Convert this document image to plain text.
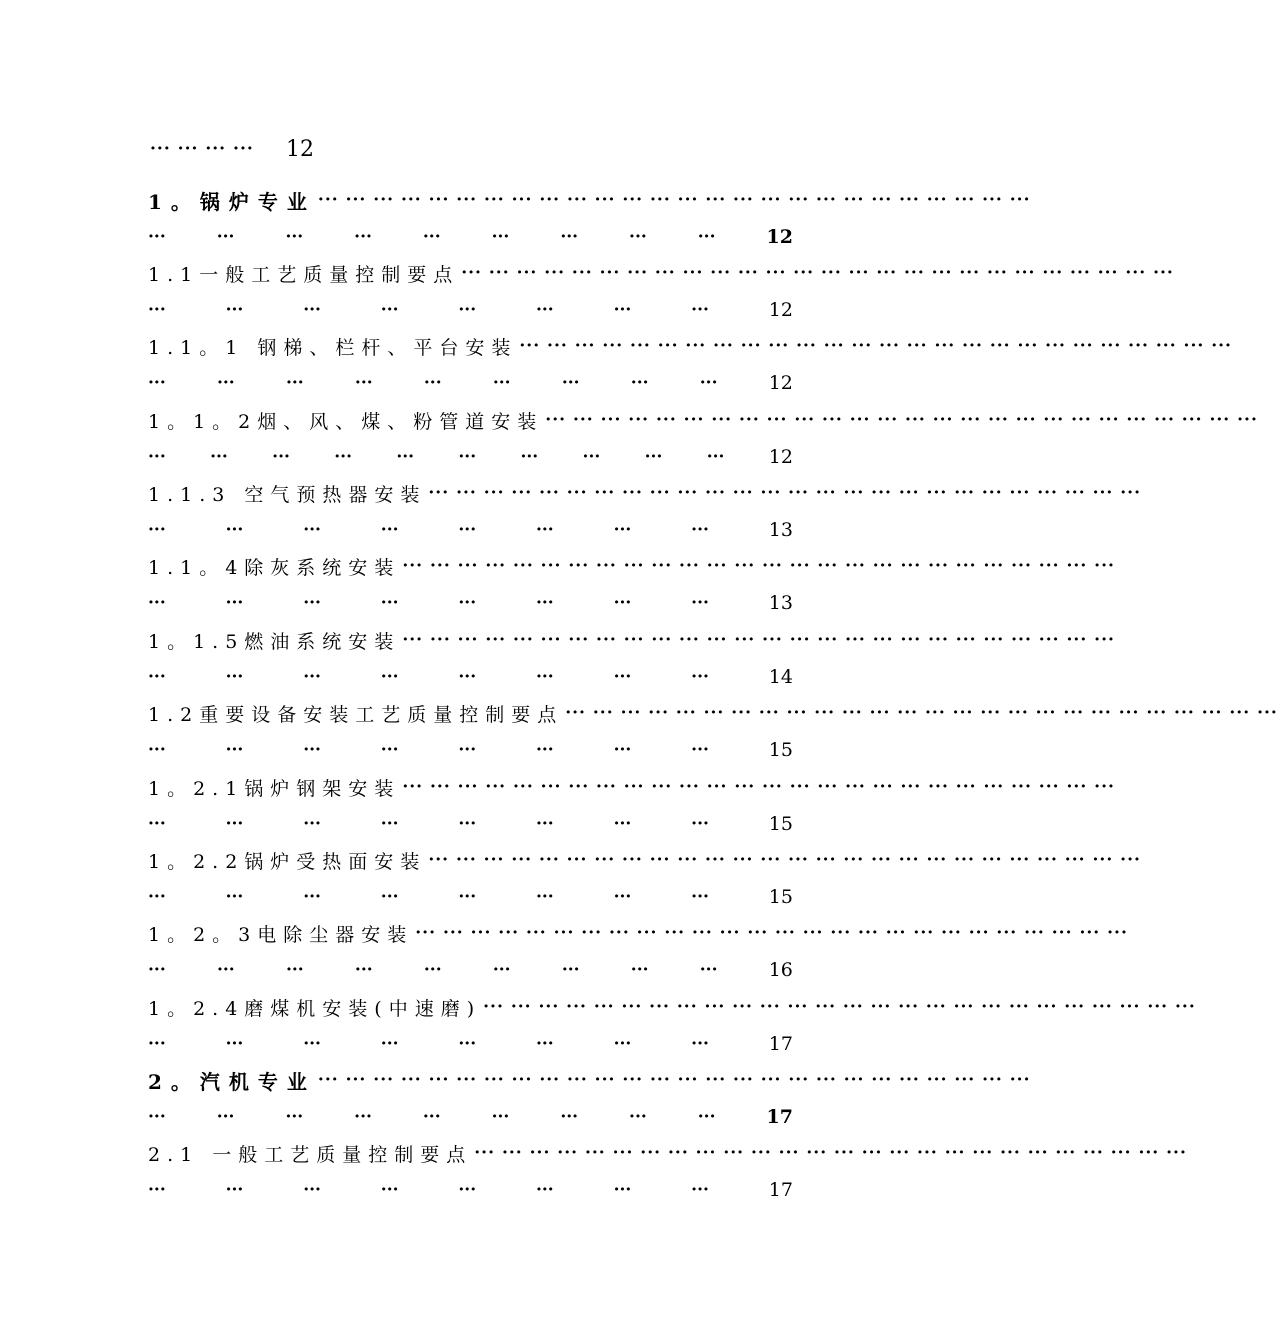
··· ··· ··· ···	12
1。锅炉专业 ··· ··· ··· ··· ··· ··· ··· ··· ··· ··· ··· ··· ··· ··· ··· ··· ··· ··· ··· ··· ··· ··· ··· ··· ··· ···
···	···	···	···	···	···	···	···	···	12
1.1一般工艺质量控制要点 ··· ··· ··· ··· ··· ··· ··· ··· ··· ··· ··· ··· ··· ··· ··· ··· ··· ··· ··· ··· ··· ··· ··· ··· ··· ···
···	···	···	···	···	···	···	···	12
1.1。1 钢梯、栏杆、平台安装 ··· ··· ··· ··· ··· ··· ··· ··· ··· ··· ··· ··· ··· ··· ··· ··· ··· ··· ··· ··· ··· ··· ··· ··· ··· ···
···	···	···	···	···	···	···	···	···	12
1。1。2烟、风、煤、粉管道安装 ··· ··· ··· ··· ··· ··· ··· ··· ··· ··· ··· ··· ··· ··· ··· ··· ··· ··· ··· ··· ··· ··· ··· ··· ··· ···
···	···	···	···	···	···	···	···	···	··· 12
1.1.3 空气预热器安装 ··· ··· ··· ··· ··· ··· ··· ··· ··· ··· ··· ··· ··· ··· ··· ··· ··· ··· ··· ··· ··· ··· ··· ··· ··· ···
···	···	···	···	···	···	···	···	13
1.1。4除灰系统安装 ··· ··· ··· ··· ··· ··· ··· ··· ··· ··· ··· ··· ··· ··· ··· ··· ··· ··· ··· ··· ··· ··· ··· ··· ··· ···
···	···	···	···	···	···	···	···	13
1。1.5燃油系统安装 ··· ··· ··· ··· ··· ··· ··· ··· ··· ··· ··· ··· ··· ··· ··· ··· ··· ··· ··· ··· ··· ··· ··· ··· ··· ···
···	···	···	···	···	···	···	···	14
1.2重要设备安装工艺质量控制要点 ··· ··· ··· ··· ··· ··· ··· ··· ··· ··· ··· ··· ··· ··· ··· ··· ··· ··· ··· ··· ··· ··· ··· ··· ··· ···
···	···	···	···	···	···	···	···	15
1。2.1锅炉钢架安装 ··· ··· ··· ··· ··· ··· ··· ··· ··· ··· ··· ··· ··· ··· ··· ··· ··· ··· ··· ··· ··· ··· ··· ··· ··· ···
···	···	···	···	···	···	···	···	15
1。2.2锅炉受热面安装 ··· ··· ··· ··· ··· ··· ··· ··· ··· ··· ··· ··· ··· ··· ··· ··· ··· ··· ··· ··· ··· ··· ··· ··· ··· ···
···	···	···	···	···	···	···	···	15
1。2。3电除尘器安装 ··· ··· ··· ··· ··· ··· ··· ··· ··· ··· ··· ··· ··· ··· ··· ··· ··· ··· ··· ··· ··· ··· ··· ··· ··· ···
···	···	···	···	···	···	···	···	···	16
1。2.4磨煤机安装(中速磨) ··· ··· ··· ··· ··· ··· ··· ··· ··· ··· ··· ··· ··· ··· ··· ··· ··· ··· ··· ··· ··· ··· ··· ··· ··· ···
···	···	···	···	···	···	···	···	17
2。汽机专业 ··· ··· ··· ··· ··· ··· ··· ··· ··· ··· ··· ··· ··· ··· ··· ··· ··· ··· ··· ··· ··· ··· ··· ··· ··· ···
···	···	···	···	···	···	···	···	···	17
2.1 一般工艺质量控制要点 ··· ··· ··· ··· ··· ··· ··· ··· ··· ··· ··· ··· ··· ··· ··· ··· ··· ··· ··· ··· ··· ··· ··· ··· ··· ···
···	···	···	···	···	···	···	···	17
